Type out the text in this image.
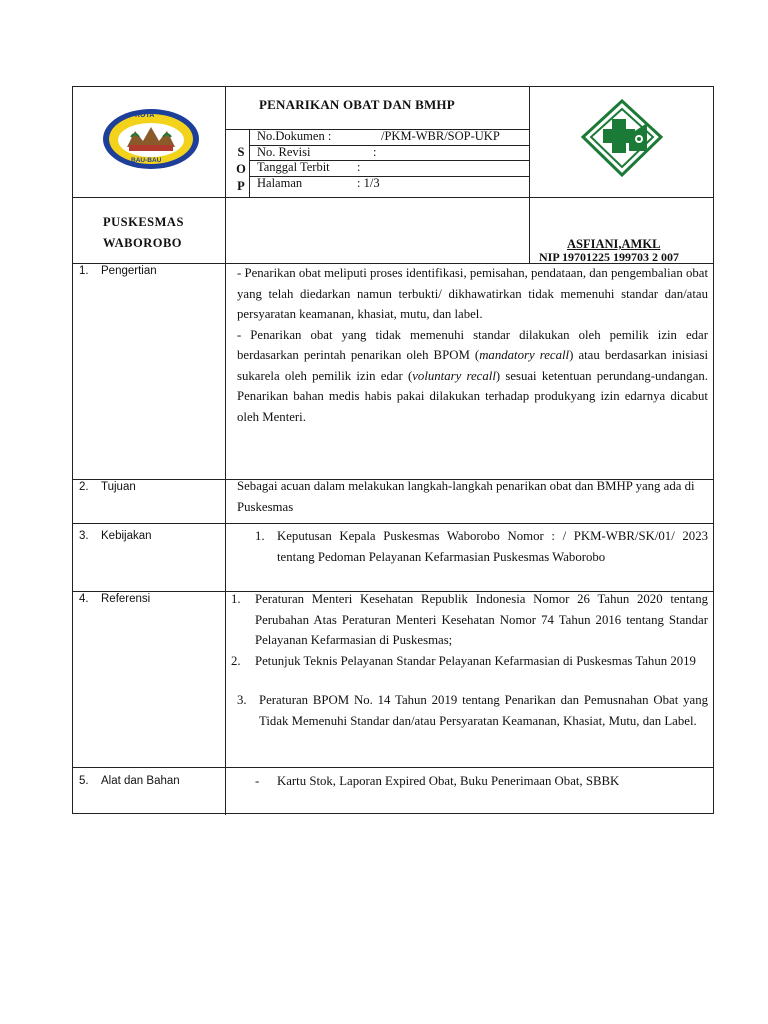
KOTA
BAU-BAU
PENARIKAN OBAT DAN BMHP
S
O
P
No.Dokumen :	/PKM-WBR/SOP-UKP
No. Revisi	:
Tanggal Terbit :
Halaman	: 1/3
PUSKESMAS
WABOROBO	ASFIANI,AMKL
NIP 19701225 199703 2 007
1. Pengertian	- Penarikan obat meliputi proses identifikasi, pemisahan, pendataan, dan pengembalian obat yang telah diedarkan namun terbukti/ dikhawatirkan tidak memenuhi standar dan/atau persyaratan keamanan, khasiat, mutu, dan label.

- Penarikan obat yang tidak memenuhi standar dilakukan oleh pemilik izin edar berdasarkan perintah penarikan oleh BPOM (mandatory recall) atau berdasarkan inisiasi sukarela oleh pemilik izin edar (voluntary recall) sesuai ketentuan perundang-undangan. Penarikan bahan medis habis pakai dilakukan terhadap produkyang izin edarnya dicabut oleh Menteri.

2. Tujuan	Sebagai acuan dalam melakukan langkah-langkah penarikan obat dan BMHP yang ada di Puskesmas
3. Kebijakan	1. Keputusan Kepala Puskesmas Waborobo Nomor : / PKM-WBR/SK/01/ 2023 tentang Pedoman Pelayanan Kefarmasian Puskesmas Waborobo
4. Referensi	1.	Peraturan Menteri Kesehatan Republik Indonesia Nomor 26 Tahun 2020 tentang Perubahan Atas Peraturan Menteri Kesehatan Nomor 74 Tahun 2016 tentang Standar Pelayanan Kefarmasian di Puskesmas;
2.	Petunjuk Teknis Pelayanan Standar Pelayanan Kefarmasian di Puskesmas Tahun 2019
3. Peraturan BPOM No. 14 Tahun 2019 tentang Penarikan dan Pemusnahan Obat yang Tidak Memenuhi Standar dan/atau Persyaratan Keamanan, Khasiat, Mutu, dan Label.
5. Alat dan Bahan	-	Kartu Stok, Laporan Expired Obat, Buku Penerimaan Obat, SBBK
